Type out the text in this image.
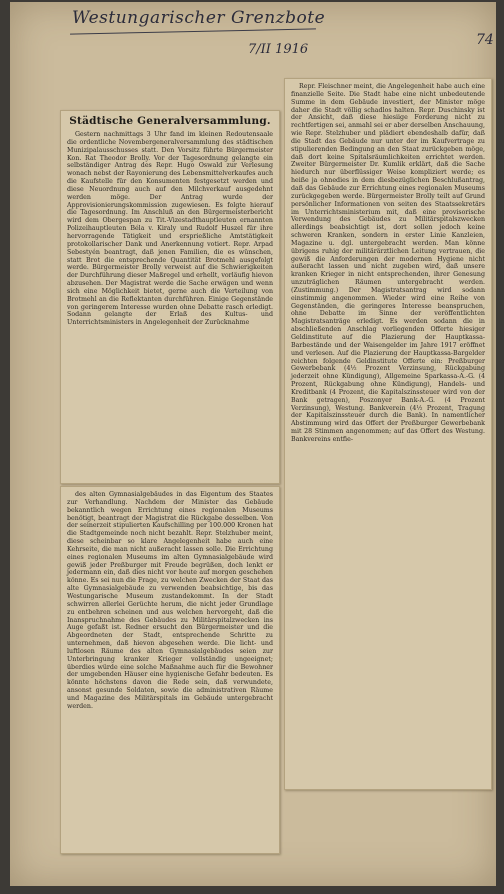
Westungarischer Grenzbote
7/II 1916
74
Städtische Generalversammlung.

Gestern nachmittags 3 Uhr fand im kleinen Redoutensaale die ordentliche Novembergeneralversammlung des städtischen Munizipalausschusses statt. Den Vorsitz führte Bürgermeister Kon. Rat Theodor Brolly. Vor der Tagesordnung gelangte ein selbständiger Antrag des Repr. Hugo Oswald zur Verlesung wonach nebst der Rayonierung des Lebensmittelverkaufes auch die Kaufstelle für den Konsumenten festgesetzt werden und diese Neuordnung auch auf den Milchverkauf ausgedehnt werden möge. Der Antrag wurde der Approvisionierungskommission zugewiesen. Es folgte hierauf die Tagesordnung. Im Anschluß an den Bürgermeisterbericht wird dem Obergespan zu Tit.-Vizestadthauptleuten ernannten Polizeihauptleuten Béla v. Kiraly und Rudolf Huszel für ihre hervorragende Tätigkeit und ersprießliche Amtstätigkeit protokollarischer Dank und Anerkennung votiert. Repr. Arpad Sebestyén beantragt, daß jenen Familien, die es wünschen, statt Brot die entsprechende Quantität Brotmehl ausgefolgt werde. Bürgermeister Brolly verweist auf die Schwierigkeiten der Durchführung dieser Maßregel und erhellt, vorläufig hievon abzusehen. Der Magistrat werde die Sache erwägen und wenn sich eine Möglichkeit bietet, gerne auch die Verteilung von Brotmehl an die Reflektanten durchführen. Einige Gegenstände von geringerem Interesse wurden ohne Debatte rasch erledigt. Sodann gelangte der Erlaß des Kultus- und Unterrichtsministers in Angelegenheit der Zurücknahme

des alten Gymnasialgebäudes in das Eigentum des Staates zur Verhandlung. Nachdem der Minister das Gebäude bekanntlich wegen Errichtung eines regionalen Museums benötigt, beantragt der Magistrat die Rückgabe desselben. Von der seinerzeit stipulierten Kaufschilling per 100.000 Kronen hat die Stadtgemeinde noch nicht bezahlt. Repr. Stelzhuber meint, diese scheinbar so klare Angelegenheit habe auch eine Kehrseite, die man nicht außeracht lassen solle. Die Errichtung eines regionalen Museums im alten Gymnasialgebäude wird gewiß jeder Preßburger mit Freude begrüßen, doch lenkt er jedermann ein, daß dies nicht vor heute auf morgen geschehen könne. Es sei nun die Frage, zu welchen Zwecken der Staat das alte Gymnasialgebäude zu verwenden beabsichtige, bis das Westungarische Museum zustandekommt. In der Stadt schwirren allerlei Gerüchte herum, die nicht jeder Grundlage zu entbehren scheinen und aus welchen hervorgeht, daß die Inanspruchnahme des Gebäudes zu Militärspitalzwecken ins Auge gefaßt ist. Redner ersucht den Bürgermeister und die Abgeordneten der Stadt, entsprechende Schritte zu unternehmen, daß hievon abgesehen werde. Die licht- und luftlosen Räume des alten Gymnasialgebäudes seien zur Unterbringung kranker Krieger vollständig ungeeignet; überdies würde eine solche Maßnahme auch für die Bewohner der umgebenden Häuser eine hygienische Gefahr bedeuten. Es könnte höchstens davon die Rede sein, daß verwundete, ansonst gesunde Soldaten, sowie die administrativen Räume und Magazine des Militärspitals im Gebäude untergebracht werden.

Repr. Fleischner meint, die Angelegenheit habe auch eine finanzielle Seite. Die Stadt habe eine nicht unbedeutende Summe in dem Gebäude investiert, der Minister möge daher die Stadt völlig schadlos halten. Repr. Duschinsky ist der Ansicht, daß diese hiesiige Forderung nicht zu rechtfertigen sei, anmahl sei er aber derselben Anschauung, wie Repr. Stelzhuber und plädiert ebendeshalb dafür, daß die Stadt das Gebäude nur unter der im Kaufvertrage zu stipulierenden Bedingung an den Staat zurückgeben möge, daß dort keine Spitalsräumlichkeiten errichtet werden. Zweiter Bürgermeister Dr. Kumlik erklärt, daß die Sache hiedurch nur überflüssiger Weise kompliziert werde; es heiße ja ohnedies in dem diesbezüglichen Beschlußantrag, daß das Gebäude zur Errichtung eines regionalen Museums zurückgegeben werde. Bürgermeister Brolly teilt auf Grund persönlicher Informationen von seiten des Staatssekretärs im Unterrichtsministerium mit, daß eine provisorische Verwendung des Gebäudes zu Militärspitalszwecken allerdings beabsichtigt ist, dort sollen jedoch keine schweren Kranken, sondern in erster Linie Kanzleien, Magazine u. dgl. untergebracht werden. Man könne übrigens ruhig der militärärztlichen Leitung vertrauen, die gewiß die Anforderungen der modernen Hygiene nicht außeracht lassen und nicht zugeben wird, daß unsere kranken Krieger in nicht entsprechenden, ihrer Genesung unzuträglichen Räumen untergebracht werden. (Zustimmung.) Der Magistratsantrag wird sodann einstimmig angenommen. Wieder wird eine Reihe von Gegenständen, die geringeres Interesse beanspruchen, ohne Debatte im Sinne der veröffentlichten Magistratsanträge erledigt. Es werden sodann die in abschließenden Anschlag vorliegenden Offerte hiesiger Geldinstitute auf die Plazierung der Hauptkassa-Barbestände und der Waisengelder im Jahre 1917 eröffnet und verlesen. Auf die Plazierung der Hauptkassa-Bargelder reichten folgende Geldinstitute Offerte ein: Preßburger Gewerbebank (4½ Prozent Verzinsung, Rückgabung jederzeit ohne Kündigung), Allgemeine Sparkassa-A.-G. (4 Prozent, Rückgabung ohne Kündigung), Handels- und Kreditbank (4 Prozent, die Kapitalszinssteuer wird von der Bank getragen), Poszonyer Bank-A.-G. (4 Prozent Verzinsung), Westung. Bankverein (4½ Prozent, Tragung der Kapitalszinssteuer durch die Bank). In namentlicher Abstimmung wird das Offert der Preßburger Gewerbebank mit 28 Stimmen angenommen; auf das Offert des Westung. Bankvereins entfie-
